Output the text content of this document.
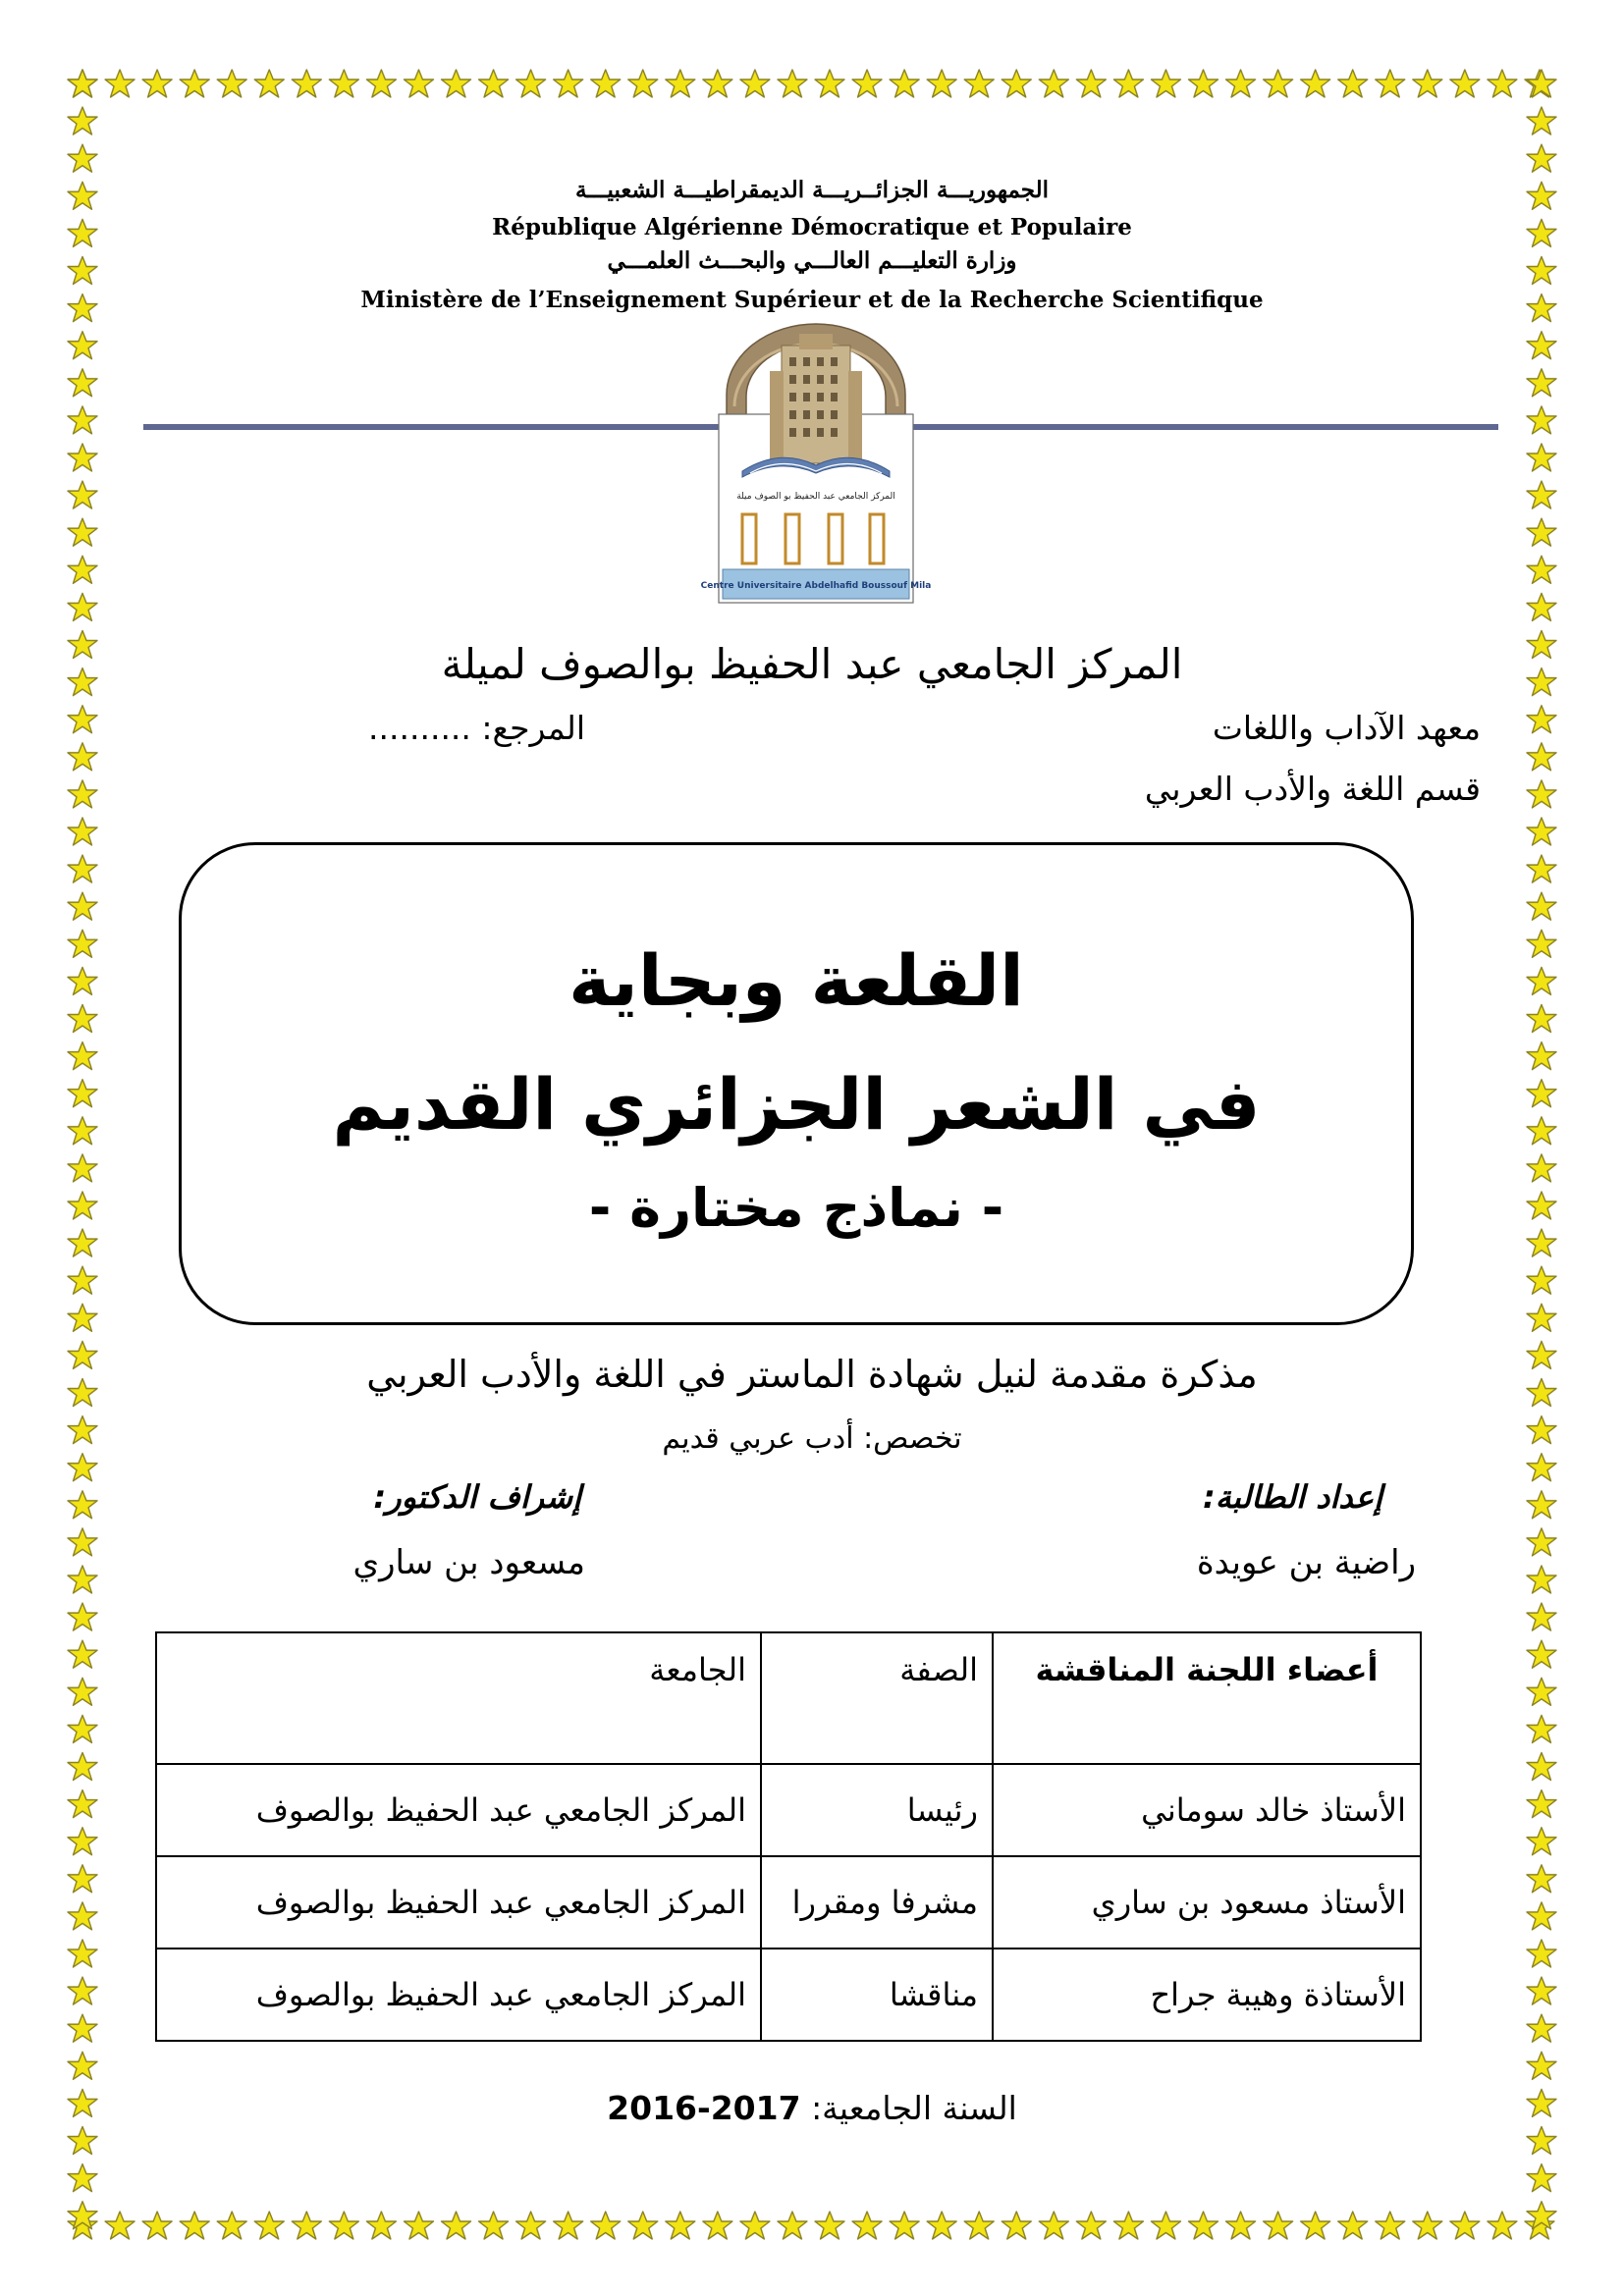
الجمهوريـــة الجزائــريـــة الديمقراطيـــة الشعبيـــة
République Algérienne Démocratique et Populaire
وزارة التعليـــم العالـــي والبحـــث العلمـــي
Ministère de l’Enseignement Supérieur et de la Recherche Scientifique
المركز الجامعي عبد الحفيظ بو الصوف ميلة
Centre Universitaire Abdelhafid Boussouf Mila
المركز الجامعي عبد الحفيظ بوالصوف لميلة
معهد الآداب واللغات
المرجع: ..........
قسم اللغة والأدب العربي
القلعة وبجاية
في الشعر الجزائري القديم
- نماذج مختارة -
مذكرة مقدمة لنيل شهادة الماستر في اللغة والأدب العربي
تخصص: أدب عربي قديم
إعداد الطالبة:
إشراف الدكتور:
راضية بن عويدة
مسعود بن ساري
أعضاء اللجنة المناقشة	الصفة	الجامعة
الأستاذ خالد سوماني	رئيسا	المركز الجامعي عبد الحفيظ بوالصوف
الأستاذ مسعود بن ساري	مشرفا ومقررا	المركز الجامعي عبد الحفيظ بوالصوف
الأستاذة وهيبة جراح	مناقشا	المركز الجامعي عبد الحفيظ بوالصوف
السنة الجامعية: 2016-2017
